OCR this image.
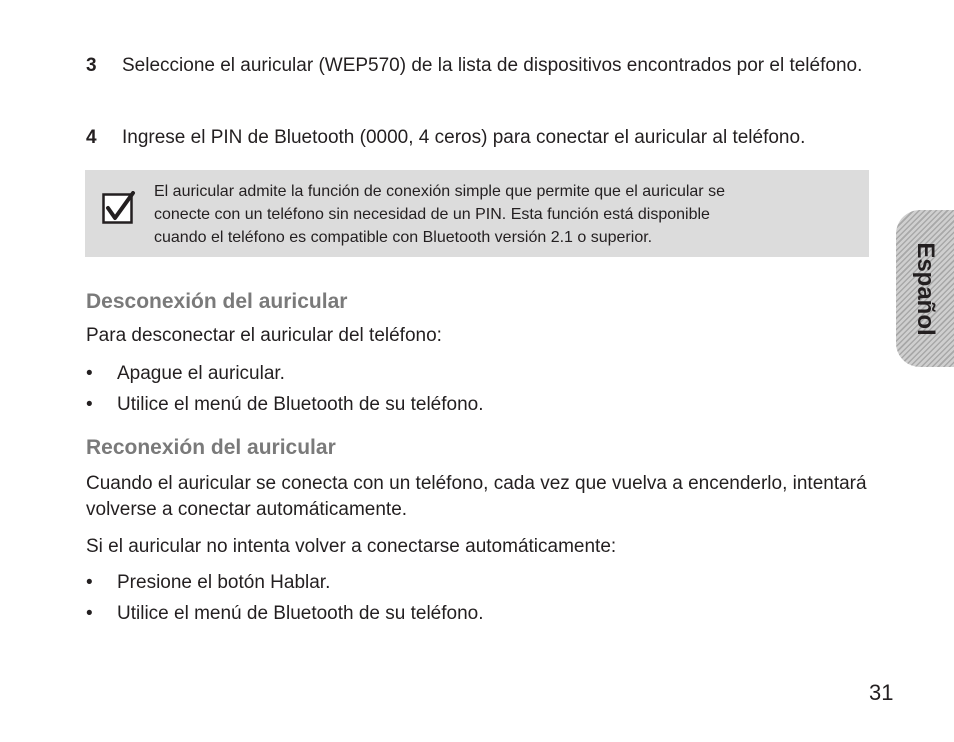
3 Seleccione el auricular (WEP570) de la lista de dispositivos encontrados por el teléfono.
4 Ingrese el PIN de Bluetooth (0000, 4 ceros) para conectar el auricular al teléfono.
El auricular admite la función de conexión simple que permite que el auricular se
conecte con un teléfono sin necesidad de un PIN. Esta función está disponible
cuando el teléfono es compatible con Bluetooth versión 2.1 o superior.
Desconexión del auricular
Para desconectar el auricular del teléfono:
• Apague el auricular.
• Utilice el menú de Bluetooth de su teléfono.
Reconexión del auricular
Cuando el auricular se conecta con un teléfono, cada vez que vuelva a encenderlo, intentará volverse a conectar automáticamente.
Si el auricular no intenta volver a conectarse automáticamente:
• Presione el botón Hablar.
• Utilice el menú de Bluetooth de su teléfono.
Español
31
